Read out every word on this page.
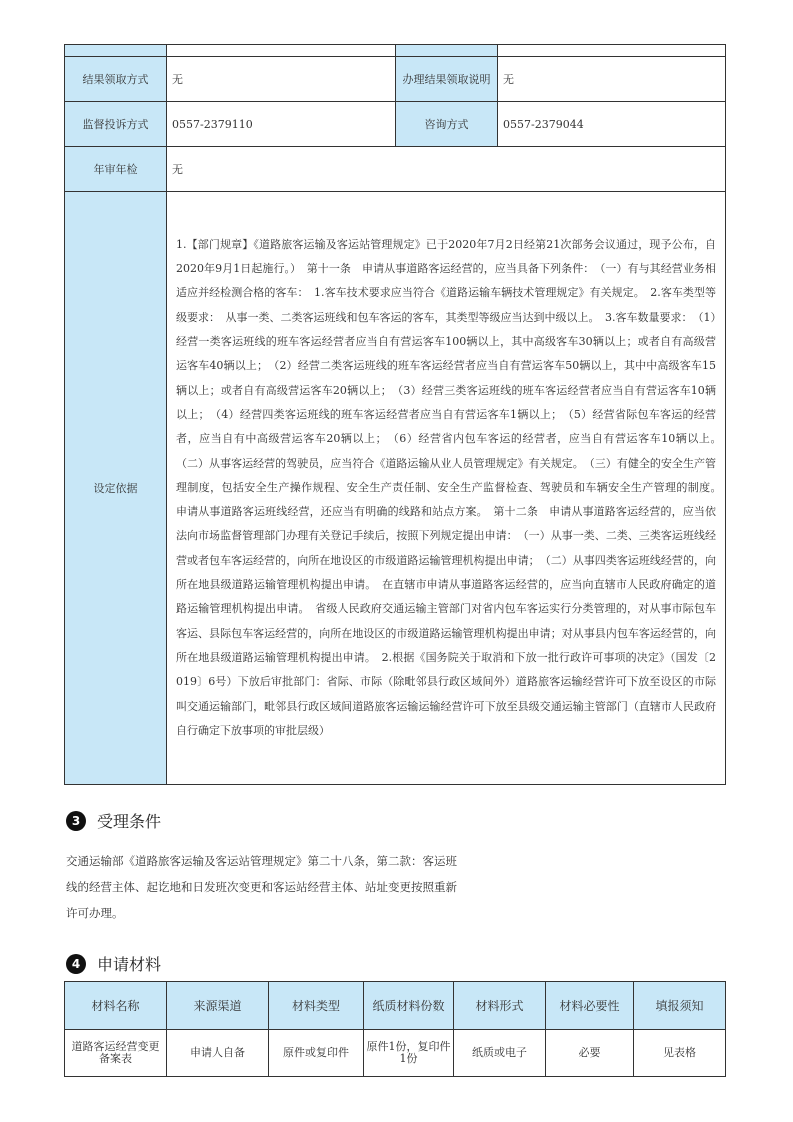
结果领取方式	无	办理结果领取说明	无
监督投诉方式	0557-2379110	咨询方式	0557-2379044
年审年检	无		
设定依据	1.【部门规章】《道路旅客运输及客运站管理规定》已于2020年7月2日经第21次部务会议通过，现予公布，自2020年9月1日起施行。）　第十一条　申请从事道路客运经营的，应当具备下列条件：　（一）有与其经营业务相适应并经检测合格的客车：　1.客车技术要求应当符合《道路运输车辆技术管理规定》有关规定。　2.客车类型等级要求：　从事一类、二类客运班线和包车客运的客车，其类型等级应当达到中级以上。　3.客车数量要求：　（1）经营一类客运班线的班车客运经营者应当自有营运客车100辆以上，其中高级客车30辆以上；或者自有高级营运客车40辆以上；　（2）经营二类客运班线的班车客运经营者应当自有营运客车50辆以上，其中中高级客车15辆以上；或者自有高级营运客车20辆以上；　（3）经营三类客运班线的班车客运经营者应当自有营运客车10辆以上；　（4）经营四类客运班线的班车客运经营者应当自有营运客车1辆以上；　（5）经营省际包车客运的经营者，应当自有中高级营运客车20辆以上；　（6）经营省内包车客运的经营者，应当自有营运客车10辆以上。　（二）从事客运经营的驾驶员，应当符合《道路运输从业人员管理规定》有关规定。　（三）有健全的安全生产管理制度，包括安全生产操作规程、安全生产责任制、安全生产监督检查、驾驶员和车辆安全生产管理的制度。　申请从事道路客运班线经营，还应当有明确的线路和站点方案。　第十二条　申请从事道路客运经营的，应当依法向市场监督管理部门办理有关登记手续后，按照下列规定提出申请：　（一）从事一类、二类、三类客运班线经营或者包车客运经营的，向所在地设区的市级道路运输管理机构提出申请；　（二）从事四类客运班线经营的，向所在地县级道路运输管理机构提出申请。　在直辖市申请从事道路客运经营的，应当向直辖市人民政府确定的道路运输管理机构提出申请。　省级人民政府交通运输主管部门对省内包车客运实行分类管理的，对从事市际包车客运、县际包车客运经营的，向所在地设区的市级道路运输管理机构提出申请；对从事县内包车客运经营的，向所在地县级道路运输管理机构提出申请。　2.根据《国务院关于取消和下放一批行政许可事项的决定》（国发〔2019〕6号）下放后审批部门：省际、市际（除毗邻县行政区域间外）道路旅客运输经营许可下放至设区的市际叫交通运输部门，毗邻县行政区域间道路旅客运输运输经营许可下放至县级交通运输主管部门（直辖市人民政府自行确定下放事项的审批层级）		
3	受理条件
交通运输部《道路旅客运输及客运站管理规定》第二十八条，第二款：客运班线的经营主体、起讫地和日发班次变更和客运站经营主体、站址变更按照重新许可办理。
4	申请材料
材料名称	来源渠道	材料类型	纸质材料份数	材料形式	材料必要性	填报须知
道路客运经营变更备案表	申请人自备	原件或复印件	原件1份，复印件1份	纸质或电子	必要	见表格
